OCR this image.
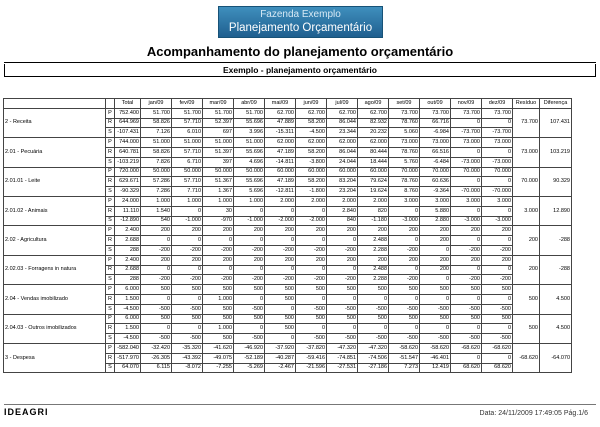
Fazenda Exemplo
Planejamento Orçamentário
Acompanhamento do planejamento orçamentário
Exemplo - planejamento orçamentário
		Total	jan/09	fev/09	mar/09	abr/09	mai/09	jun/09	jul/09	ago/09	set/09	out/09	nov/09	dez/09	Resíduo	Diferença
2 - Receita	P	752.400	51.700	51.700	51.700	51.700	62.700	62.700	62.700	62.700	73.700	73.700	73.700	73.700	73.700	107.431
	R	644.969	58.826	57.710	52.397	55.696	47.889	58.200	86.044	82.932	78.760	66.716	0	0		
	S	-107.431	7.126	6.010	697	3.996	-15.311	-4.500	23.344	20.232	5.060	-6.984	-73.700	-73.700		
2.01 - Pecuária	P	744.000	51.000	51.000	51.000	51.000	62.000	62.000	62.000	62.000	73.000	73.000	73.000	73.000	73.000	103.219
	R	640.781	58.826	57.710	51.397	55.696	47.189	58.200	86.044	80.444	78.760	66.516	0	0		
	S	-103.219	7.826	6.710	397	4.696	-14.811	-3.800	24.044	18.444	5.760	-6.484	-73.000	-73.000		
2.01.01 - Leite	P	720.000	50.000	50.000	50.000	50.000	60.000	60.000	60.000	60.000	70.000	70.000	70.000	70.000	70.000	90.329
	R	629.671	57.286	57.710	51.367	55.696	47.189	58.200	83.204	79.624	78.760	60.636	0	0		
	S	-90.329	7.286	7.710	1.367	5.696	-12.811	-1.800	23.204	19.624	8.760	-9.364	-70.000	-70.000		
2.01.02 - Animais	P	24.000	1.000	1.000	1.000	1.000	2.000	2.000	2.000	2.000	3.000	3.000	3.000	3.000	3.000	12.890
	R	11.110	1.540	0	30	0	0	0	2.840	820	0	5.880	0	0		
	S	-12.890	540	-1.000	-970	-1.000	-2.000	-2.000	840	-1.180	-3.000	2.880	-3.000	-3.000		
2.02 - Agricultura	P	2.400	200	200	200	200	200	200	200	200	200	200	200	200	200	-288
	R	2.688	0	0	0	0	0	0	0	2.488	0	200	0	0		
	S	288	-200	-200	-200	-200	-200	-200	-200	2.288	-200	0	-200	-200		
2.02.03 - Forragens in natura	P	2.400	200	200	200	200	200	200	200	200	200	200	200	200	200	-288
	R	2.688	0	0	0	0	0	0	0	2.488	0	200	0	0		
	S	288	-200	-200	-200	-200	-200	-200	-200	2.288	-200	0	-200	-200		
2.04 - Vendas imobilizado	P	6.000	500	500	500	500	500	500	500	500	500	500	500	500	500	4.500
	R	1.500	0	0	1.000	0	500	0	0	0	0	0	0	0		
	S	-4.500	-500	-500	500	-500	0	-500	-500	-500	-500	-500	-500	-500		
2.04.03 - Outros imobilizados	P	6.000	500	500	500	500	500	500	500	500	500	500	500	500	500	4.500
	R	1.500	0	0	1.000	0	500	0	0	0	0	0	0	0		
	S	-4.500	-500	-500	500	-500	0	-500	-500	-500	-500	-500	-500	-500		
3 - Despesa	P	-582.040	-32.420	-35.320	-41.620	-46.920	-37.920	-37.820	-47.320	-47.320	-58.620	-58.620	-68.620	-68.620	-68.620	-64.070
	R	-517.970	-26.305	-43.392	-49.075	-52.189	-40.287	-59.416	-74.851	-74.506	-51.547	-46.401	0	0		
	S	64.070	6.115	-8.072	-7.255	-5.269	-2.467	-21.596	-27.531	-27.186	7.273	12.419	68.620	68.620		
IDEAGRI	Data: 24/11/2009 17:49:05 Pág.1/6
